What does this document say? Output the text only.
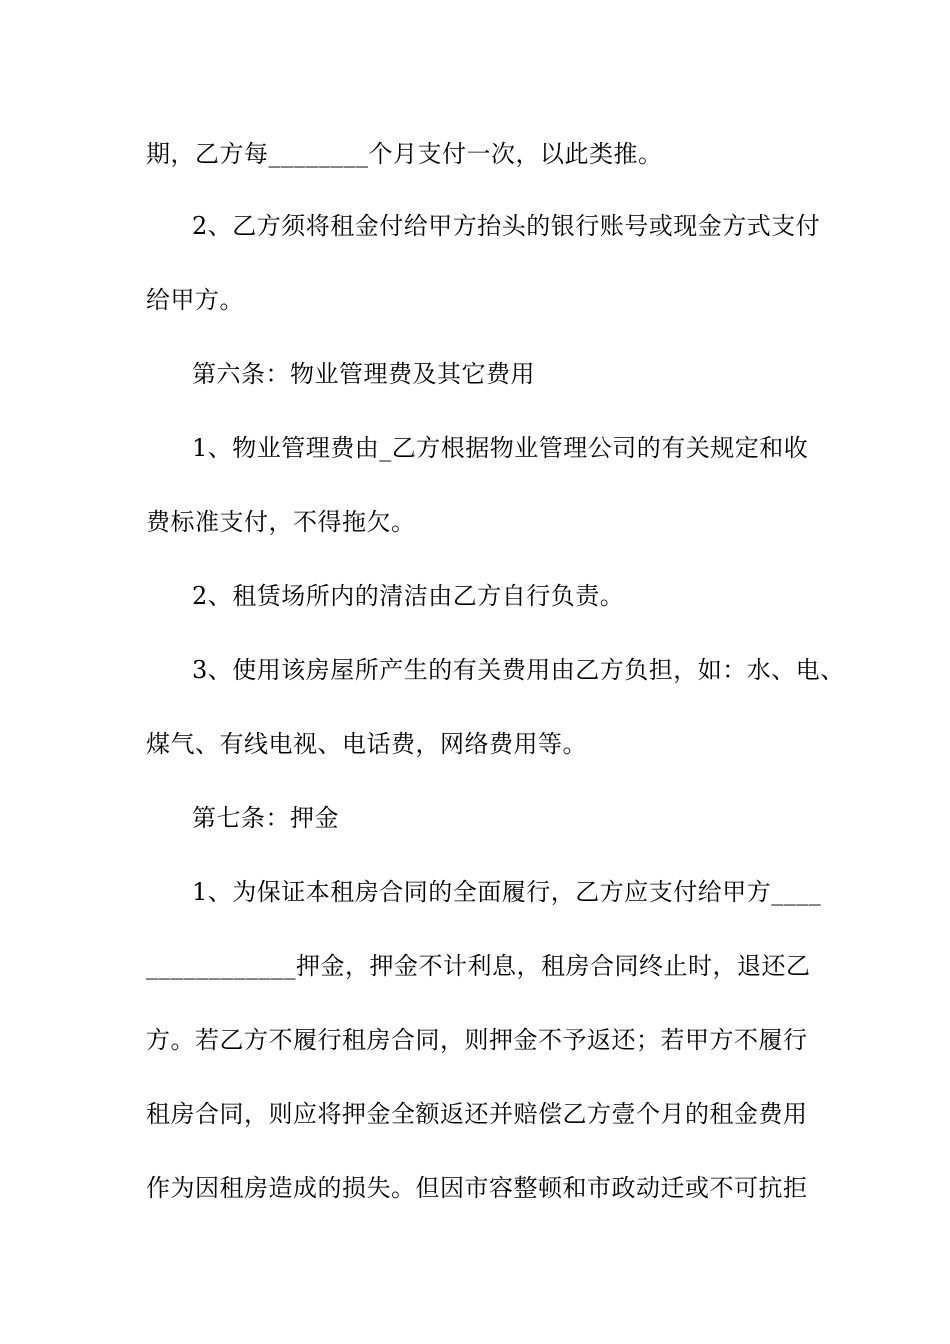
期，乙方每________个月支付一次，以此类推。
2、乙方须将租金付给甲方抬头的银行账号或现金方式支付
给甲方。
第六条：物业管理费及其它费用
1、物业管理费由_乙方根据物业管理公司的有关规定和收
费标准支付，不得拖欠。
2、租赁场所内的清洁由乙方自行负责。
3、使用该房屋所产生的有关费用由乙方负担，如：水、电、
煤气、有线电视、电话费，网络费用等。
第七条：押金
1、为保证本租房合同的全面履行，乙方应支付给甲方____
____________押金，押金不计利息，租房合同终止时，退还乙
方。若乙方不履行租房合同，则押金不予返还；若甲方不履行
租房合同，则应将押金全额返还并赔偿乙方壹个月的租金费用
作为因租房造成的损失。但因市容整顿和市政动迁或不可抗拒
